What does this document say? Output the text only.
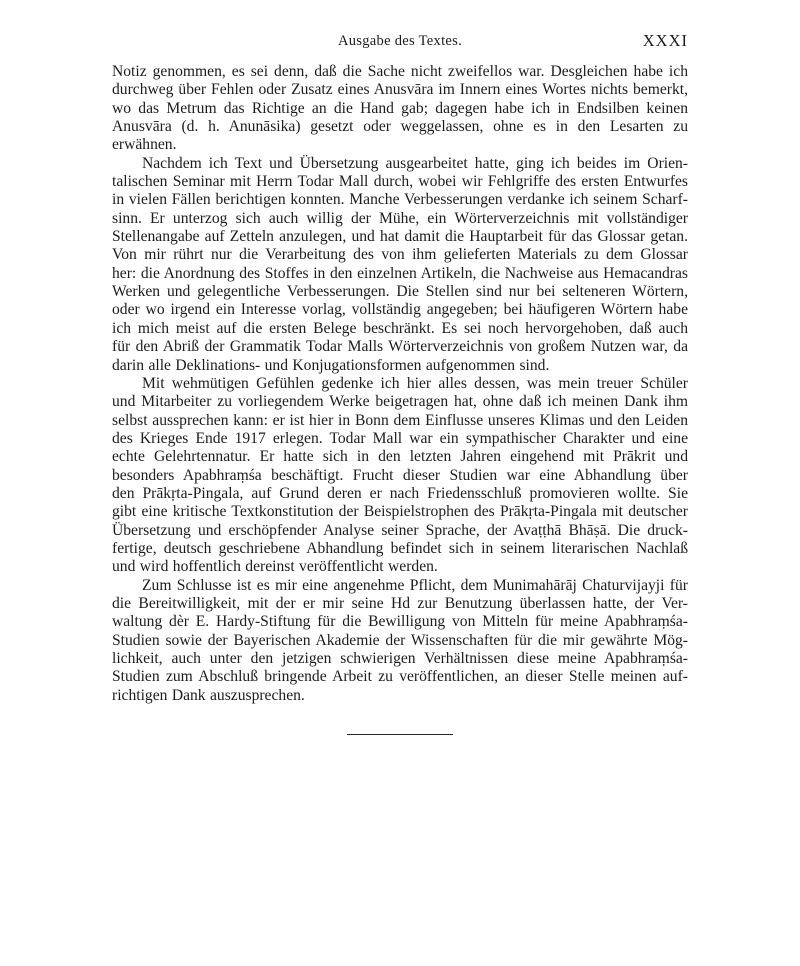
Ausgabe des Textes.	XXXI
Notiz genommen, es sei denn, daß die Sache nicht zweifellos war. Desgleichen habe ich
durchweg über Fehlen oder Zusatz eines Anusvāra im Innern eines Wortes nichts bemerkt,
wo das Metrum das Richtige an die Hand gab; dagegen habe ich in Endsilben keinen
Anusvāra (d. h. Anunāsika) gesetzt oder weggelassen, ohne es in den Lesarten zu erwähnen.
Nachdem ich Text und Übersetzung ausgearbeitet hatte, ging ich beides im Orien-
talischen Seminar mit Herrn Todar Mall durch, wobei wir Fehlgriffe des ersten Entwurfes
in vielen Fällen berichtigen konnten. Manche Verbesserungen verdanke ich seinem Scharf-
sinn. Er unterzog sich auch willig der Mühe, ein Wörterverzeichnis mit vollständiger
Stellenangabe auf Zetteln anzulegen, und hat damit die Hauptarbeit für das Glossar getan.
Von mir rührt nur die Verarbeitung des von ihm gelieferten Materials zu dem Glossar
her: die Anordnung des Stoffes in den einzelnen Artikeln, die Nachweise aus Hemacandras
Werken und gelegentliche Verbesserungen. Die Stellen sind nur bei selteneren Wörtern,
oder wo irgend ein Interesse vorlag, vollständig angegeben; bei häufigeren Wörtern habe
ich mich meist auf die ersten Belege beschränkt. Es sei noch hervorgehoben, daß auch
für den Abriß der Grammatik Todar Malls Wörterverzeichnis von großem Nutzen war, da
darin alle Deklinations- und Konjugationsformen aufgenommen sind.
Mit wehmütigen Gefühlen gedenke ich hier alles dessen, was mein treuer Schüler
und Mitarbeiter zu vorliegendem Werke beigetragen hat, ohne daß ich meinen Dank ihm
selbst aussprechen kann: er ist hier in Bonn dem Einflusse unseres Klimas und den Leiden
des Krieges Ende 1917 erlegen. Todar Mall war ein sympathischer Charakter und eine
echte Gelehrtennatur. Er hatte sich in den letzten Jahren eingehend mit Prākrit und
besonders Apabhraṃśa beschäftigt. Frucht dieser Studien war eine Abhandlung über
den Prākṛta-Pingala, auf Grund deren er nach Friedensschluß promovieren wollte. Sie
gibt eine kritische Textkonstitution der Beispielstrophen des Prākṛta-Pingala mit deutscher
Übersetzung und erschöpfender Analyse seiner Sprache, der Avaṭṭhā Bhāṣā. Die druck-
fertige, deutsch geschriebene Abhandlung befindet sich in seinem literarischen Nachlaß
und wird hoffentlich dereinst veröffentlicht werden.
Zum Schlusse ist es mir eine angenehme Pflicht, dem Munimahārāj Chaturvijayji für
die Bereitwilligkeit, mit der er mir seine Hd zur Benutzung überlassen hatte, der Ver-
waltung dèr E. Hardy-Stiftung für die Bewilligung von Mitteln für meine Apabhraṃśa-
Studien sowie der Bayerischen Akademie der Wissenschaften für die mir gewährte Mög-
lichkeit, auch unter den jetzigen schwierigen Verhältnissen diese meine Apabhraṃśa-
Studien zum Abschluß bringende Arbeit zu veröffentlichen, an dieser Stelle meinen auf-
richtigen Dank auszusprechen.
